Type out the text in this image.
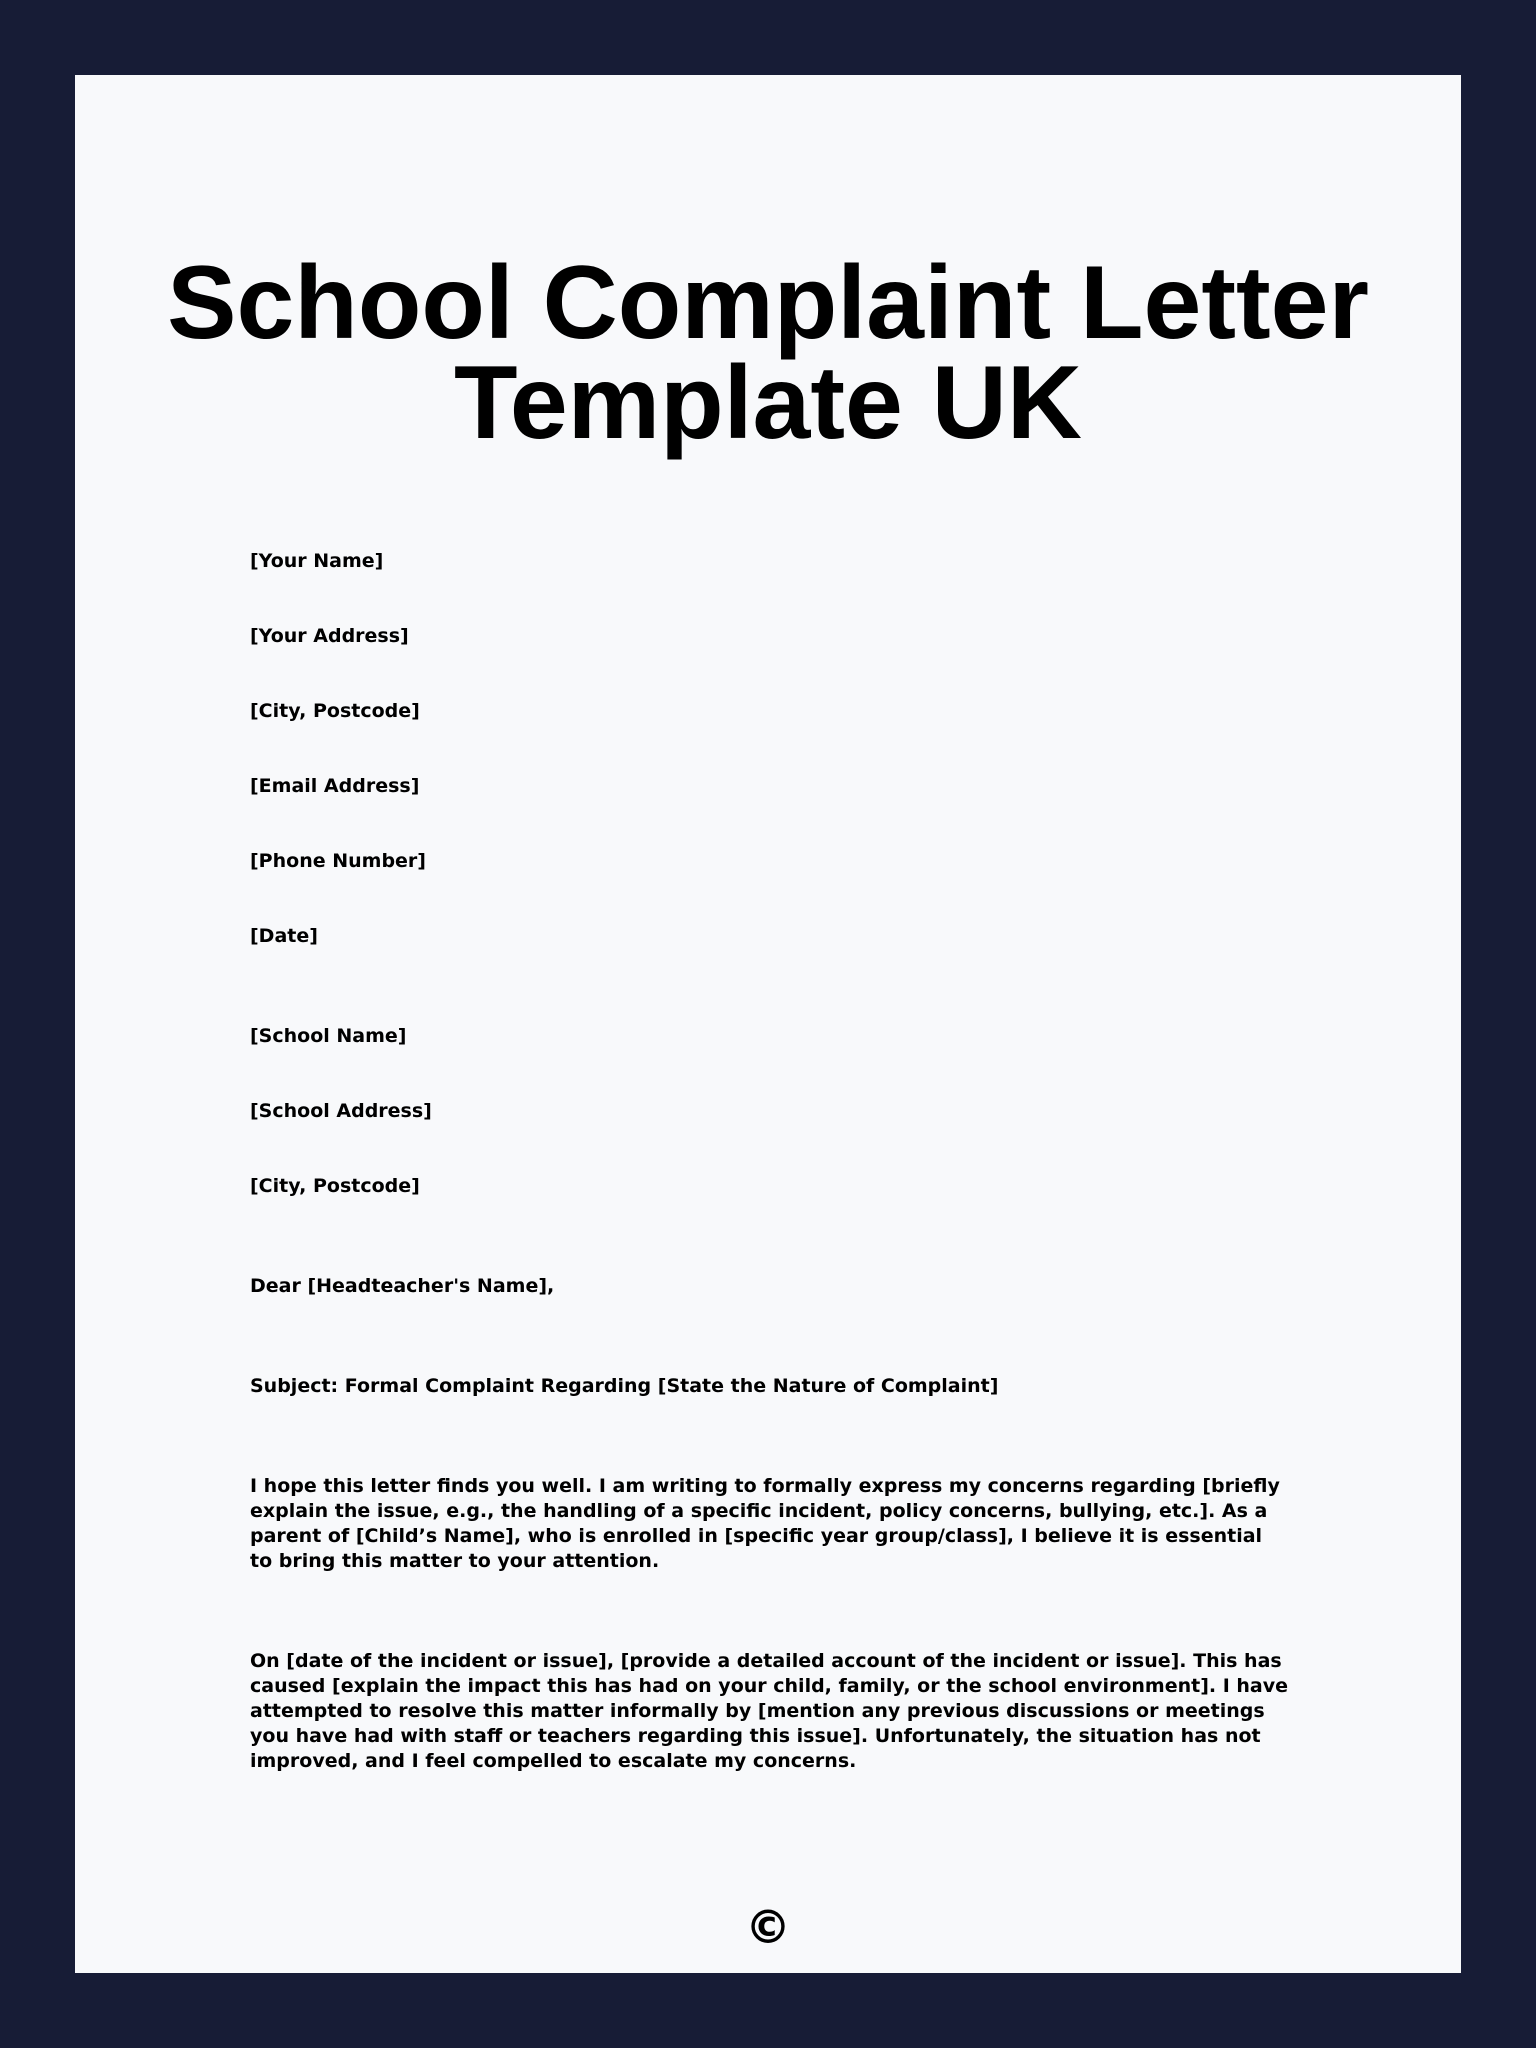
School Complaint Letter
Template UK
[Your Name]
[Your Address]
[City, Postcode]
[Email Address]
[Phone Number]
[Date]
[School Name]
[School Address]
[City, Postcode]
Dear [Headteacher's Name],
Subject: Formal Complaint Regarding [State the Nature of Complaint]

I hope this letter finds you well. I am writing to formally express my concerns regarding [briefly explain the issue, e.g., the handling of a specific incident, policy concerns, bullying, etc.]. As a parent of [Child’s Name], who is enrolled in [specific year group/class], I believe it is essential to bring this matter to your attention.

On [date of the incident or issue], [provide a detailed account of the incident or issue]. This has caused [explain the impact this has had on your child, family, or the school environment]. I have attempted to resolve this matter informally by [mention any previous discussions or meetings you have had with staff or teachers regarding this issue]. Unfortunately, the situation has not improved, and I feel compelled to escalate my concerns.

©
